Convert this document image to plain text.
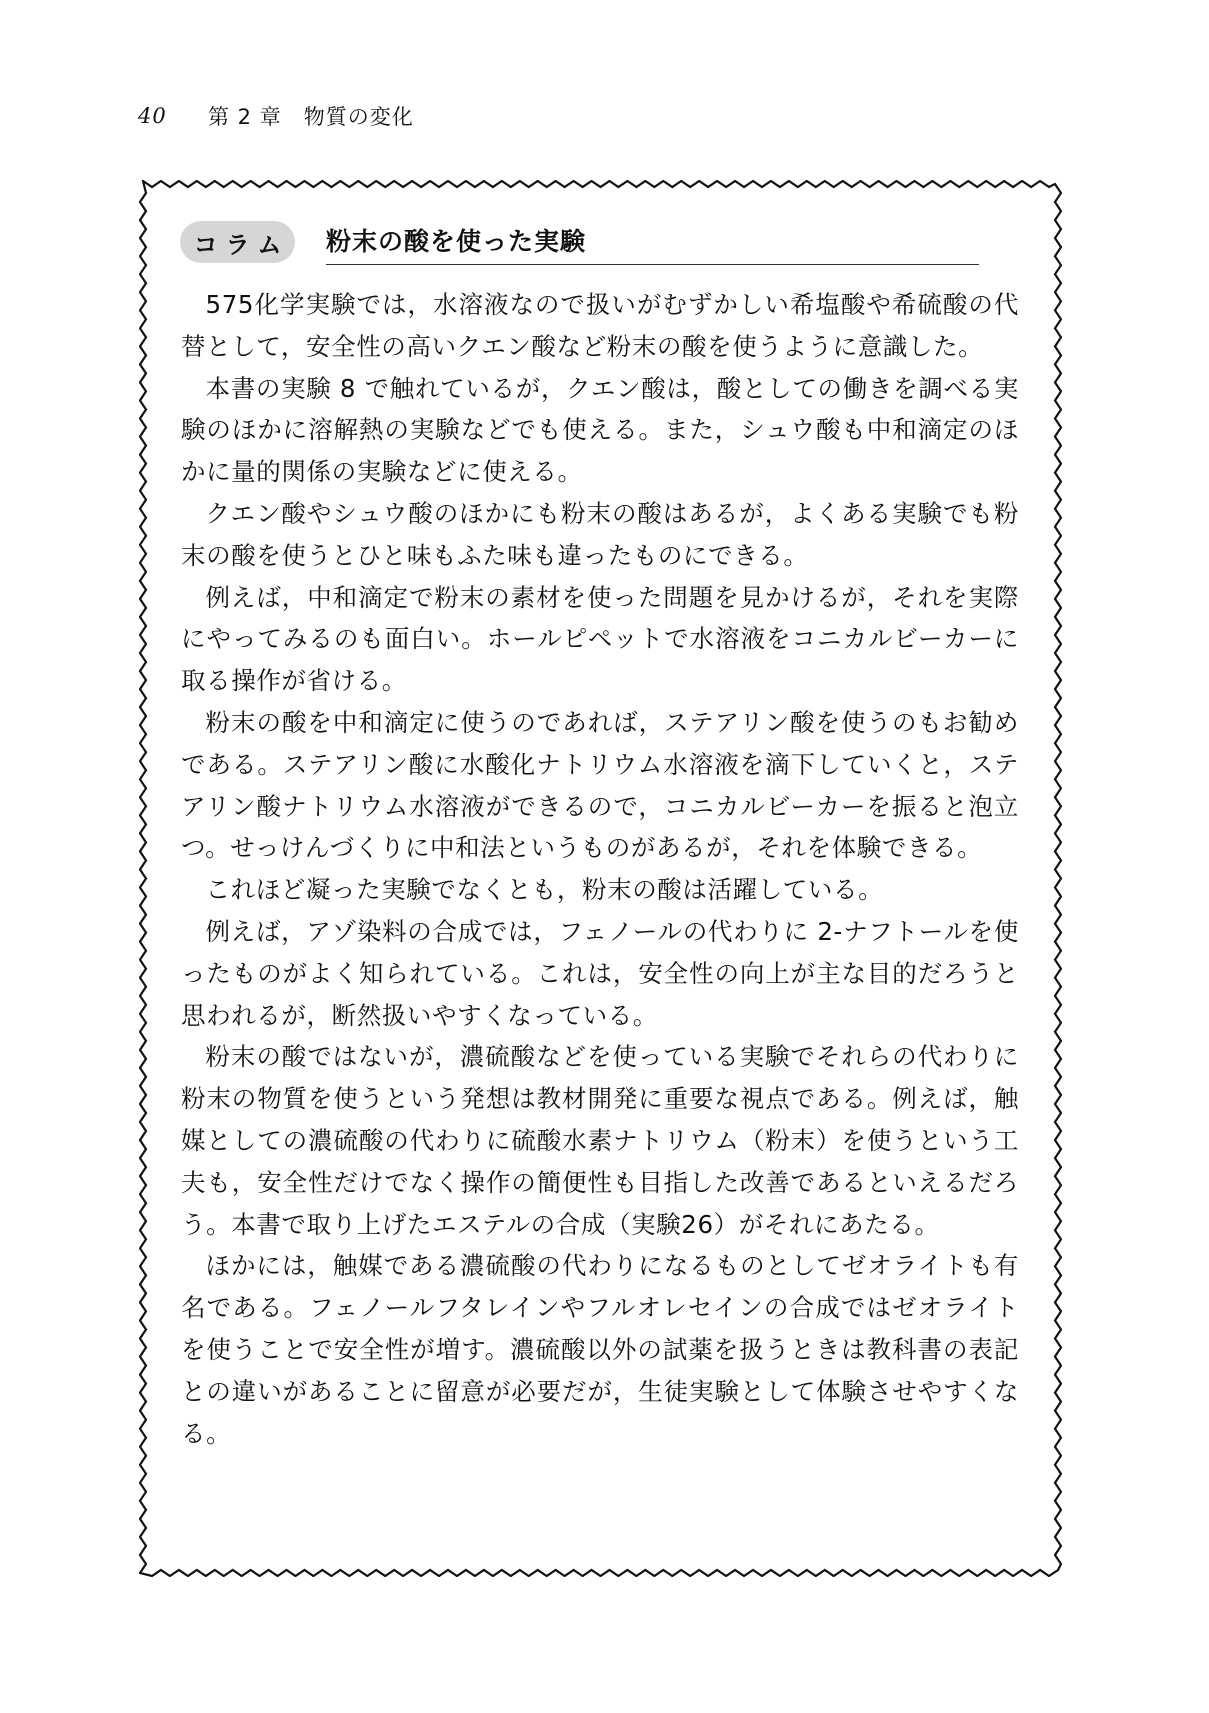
40	第 2 章　物質の変化
コラム 粉末の酸を使った実験

575化学実験では，水溶液なので扱いがむずかしい希塩酸や希硫酸の代替として，安全性の高いクエン酸など粉末の酸を使うように意識した。

本書の実験 8 で触れているが，クエン酸は，酸としての働きを調べる実験のほかに溶解熱の実験などでも使える。また，シュウ酸も中和滴定のほかに量的関係の実験などに使える。

クエン酸やシュウ酸のほかにも粉末の酸はあるが，よくある実験でも粉末の酸を使うとひと味もふた味も違ったものにできる。

例えば，中和滴定で粉末の素材を使った問題を見かけるが，それを実際にやってみるのも面白い。ホールピペットで水溶液をコニカルビーカーに取る操作が省ける。

粉末の酸を中和滴定に使うのであれば，ステアリン酸を使うのもお勧めである。ステアリン酸に水酸化ナトリウム水溶液を滴下していくと，ステアリン酸ナトリウム水溶液ができるので，コニカルビーカーを振ると泡立つ。せっけんづくりに中和法というものがあるが，それを体験できる。

これほど凝った実験でなくとも，粉末の酸は活躍している。

例えば，アゾ染料の合成では，フェノールの代わりに 2-ナフトールを使ったものがよく知られている。これは，安全性の向上が主な目的だろうと思われるが，断然扱いやすくなっている。

粉末の酸ではないが，濃硫酸などを使っている実験でそれらの代わりに粉末の物質を使うという発想は教材開発に重要な視点である。例えば，触媒としての濃硫酸の代わりに硫酸水素ナトリウム（粉末）を使うという工夫も，安全性だけでなく操作の簡便性も目指した改善であるといえるだろう。本書で取り上げたエステルの合成（実験26）がそれにあたる。

ほかには，触媒である濃硫酸の代わりになるものとしてゼオライトも有名である。フェノールフタレインやフルオレセインの合成ではゼオライトを使うことで安全性が増す。濃硫酸以外の試薬を扱うときは教科書の表記との違いがあることに留意が必要だが，生徒実験として体験させやすくなる。
